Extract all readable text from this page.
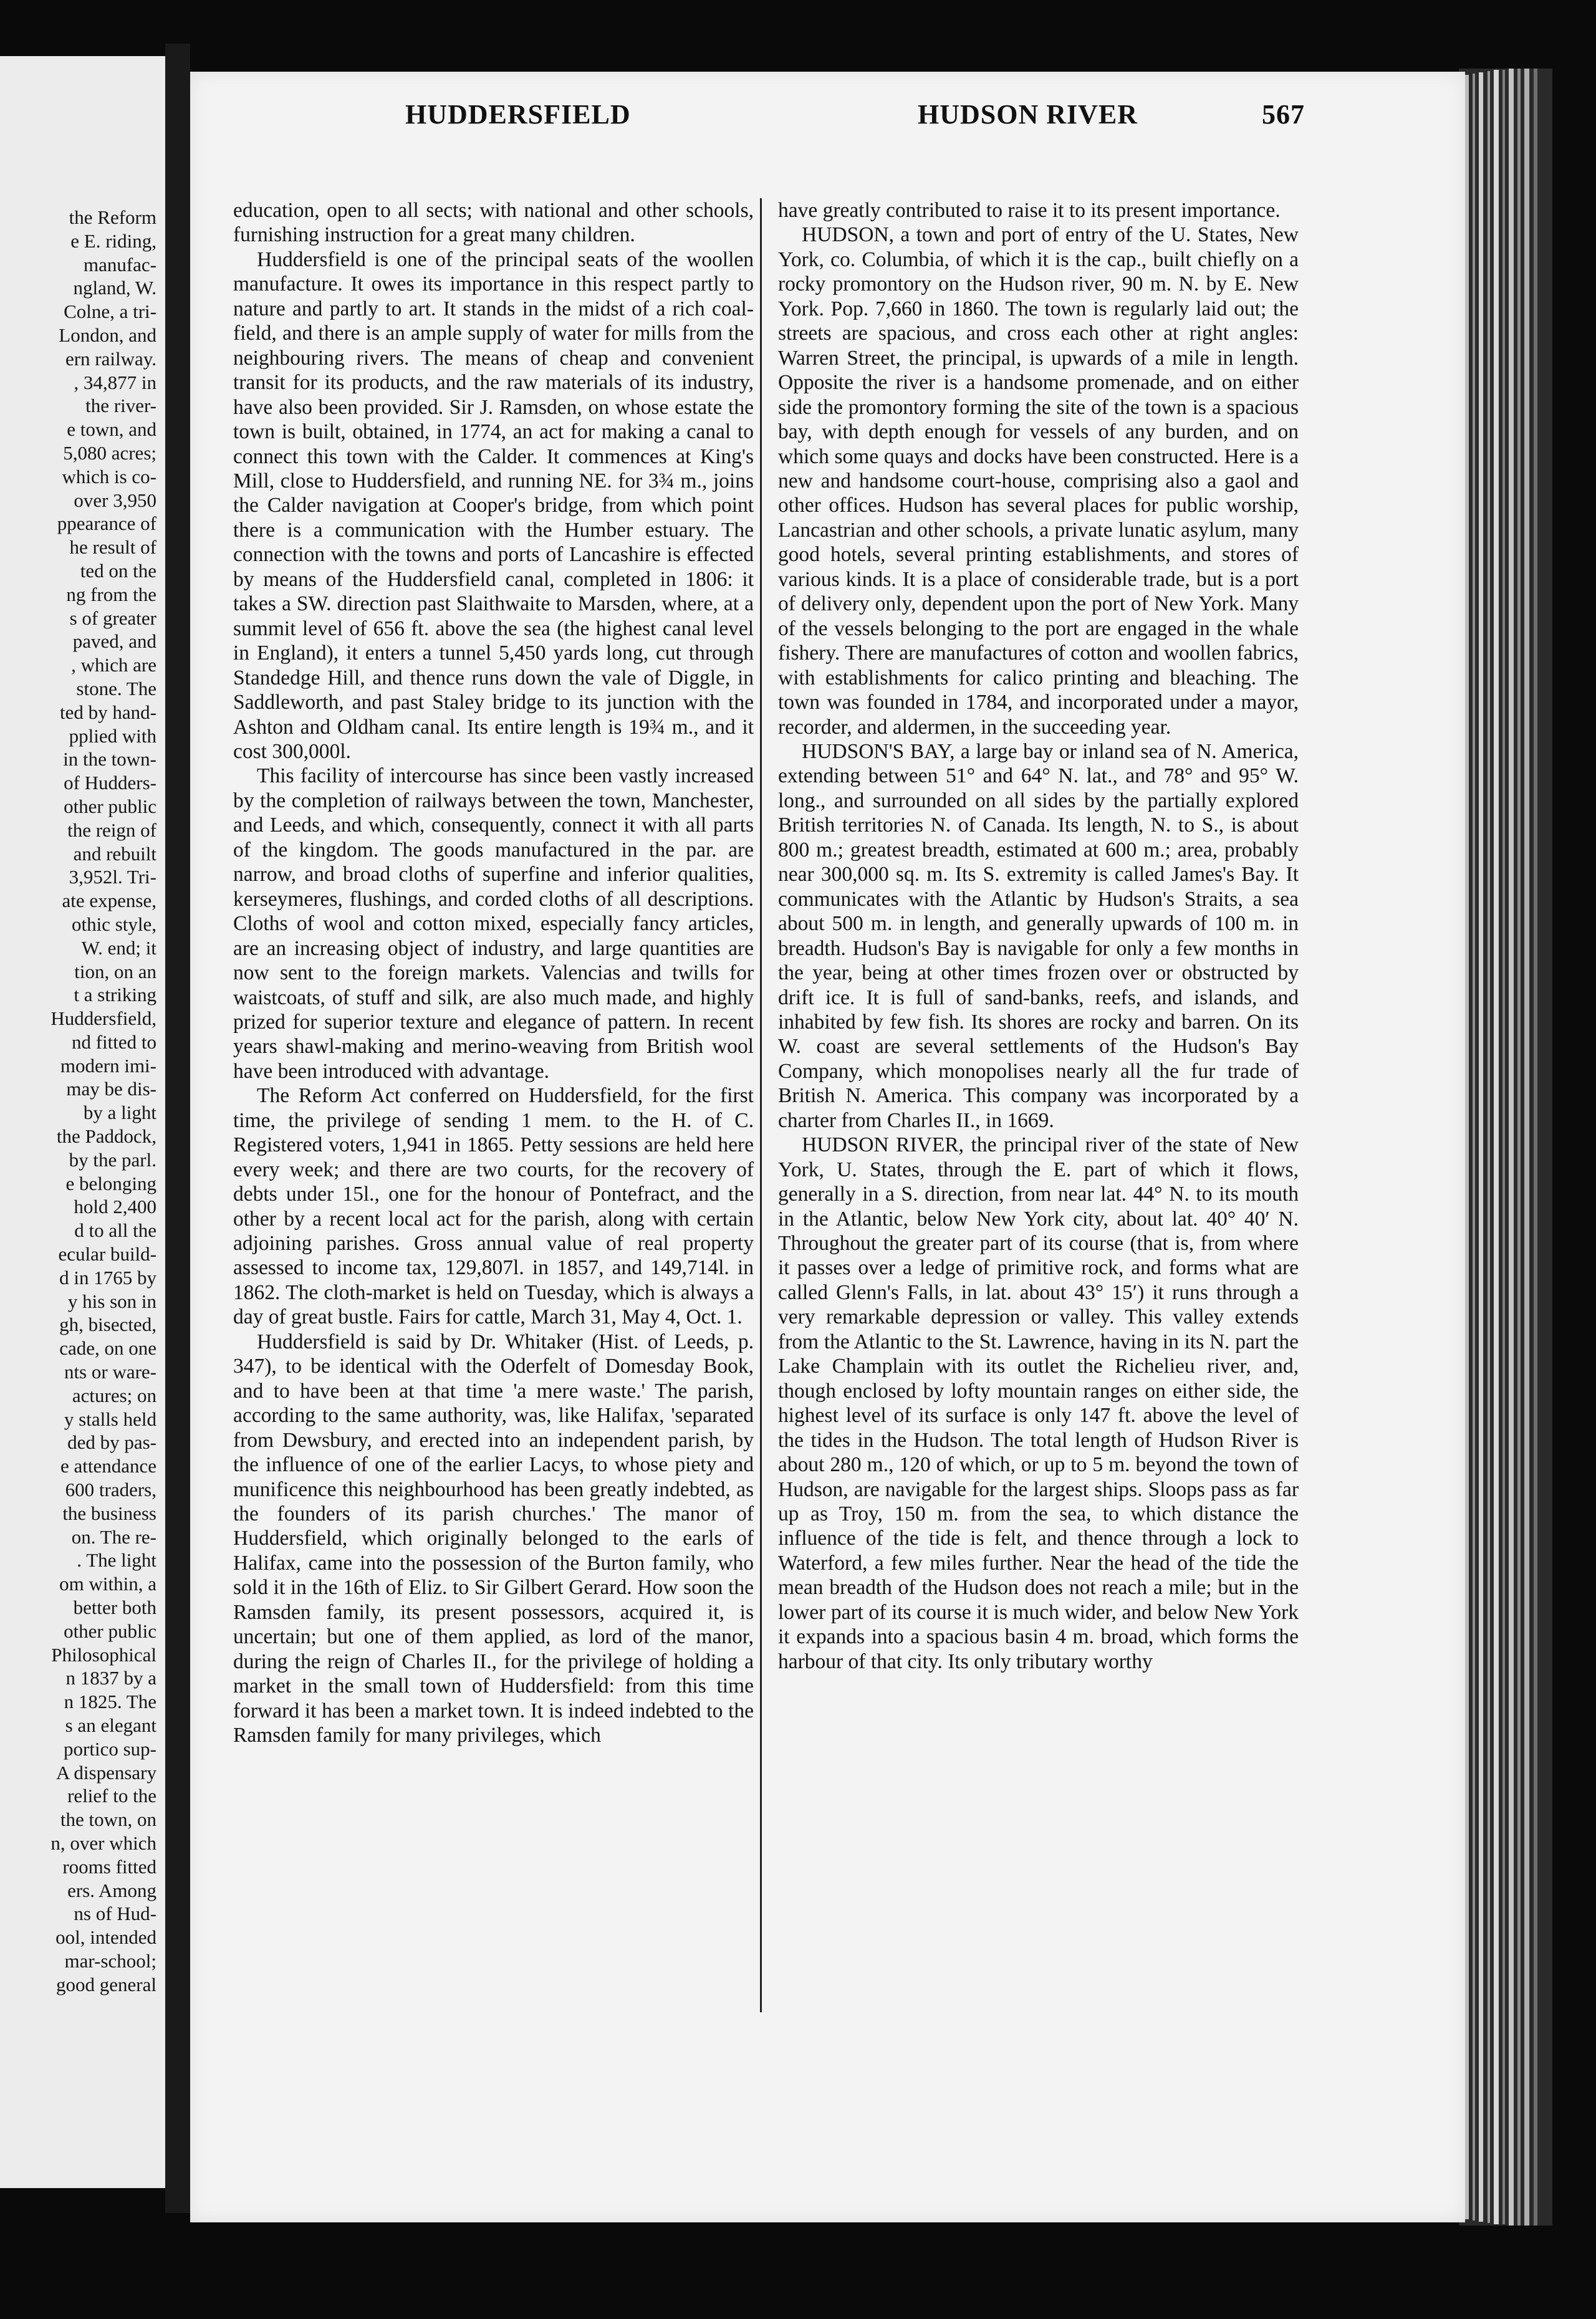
the Reform
e E. riding,
manufac-
ngland, W.
Colne, a tri-
London, and
ern railway.
, 34,877 in
the river-
e town, and
5,080 acres;
which is co-
over 3,950
ppearance of
he result of
ted on the
ng from the
s of greater
paved, and
, which are
stone. The
ted by hand-
pplied with
in the town-
of Hudders-
other public
the reign of
and rebuilt
3,952l. Tri-
ate expense,
othic style,
W. end; it
tion, on an
t a striking
Huddersfield,
nd fitted to
modern imi-
may be dis-
by a light
the Paddock,
by the parl.
e belonging
hold 2,400
d to all the
ecular build-
d in 1765 by
y his son in
gh, bisected,
cade, on one
nts or ware-
actures; on
y stalls held
ded by pas-
e attendance
600 traders,
the business
on. The re-
. The light
om within, a
better both
other public
Philosophical
n 1837 by a
n 1825. The
s an elegant
portico sup-
A dispensary
relief to the
the town, on
n, over which
rooms fitted
ers. Among
ns of Hud-
ool, intended
mar-school;
good general
HUDDERSFIELD	HUDSON RIVER	567

education, open to all sects; with national and other schools, furnishing instruction for a great many children.

Huddersfield is one of the principal seats of the woollen manufacture. It owes its importance in this respect partly to nature and partly to art. It stands in the midst of a rich coal-field, and there is an ample supply of water for mills from the neighbouring rivers. The means of cheap and convenient transit for its products, and the raw materials of its industry, have also been provided. Sir J. Ramsden, on whose estate the town is built, obtained, in 1774, an act for making a canal to connect this town with the Calder. It commences at King's Mill, close to Huddersfield, and running NE. for 3¾ m., joins the Calder navigation at Cooper's bridge, from which point there is a communication with the Humber estuary. The connection with the towns and ports of Lancashire is effected by means of the Huddersfield canal, completed in 1806: it takes a SW. direction past Slaithwaite to Marsden, where, at a summit level of 656 ft. above the sea (the highest canal level in England), it enters a tunnel 5,450 yards long, cut through Standedge Hill, and thence runs down the vale of Diggle, in Saddleworth, and past Staley bridge to its junction with the Ashton and Oldham canal. Its entire length is 19¾ m., and it cost 300,000l.

This facility of intercourse has since been vastly increased by the completion of railways between the town, Manchester, and Leeds, and which, consequently, connect it with all parts of the kingdom. The goods manufactured in the par. are narrow, and broad cloths of superfine and inferior qualities, kerseymeres, flushings, and corded cloths of all descriptions. Cloths of wool and cotton mixed, especially fancy articles, are an increasing object of industry, and large quantities are now sent to the foreign markets. Valencias and twills for waistcoats, of stuff and silk, are also much made, and highly prized for superior texture and elegance of pattern. In recent years shawl-making and merino-weaving from British wool have been introduced with advantage.

The Reform Act conferred on Huddersfield, for the first time, the privilege of sending 1 mem. to the H. of C. Registered voters, 1,941 in 1865. Petty sessions are held here every week; and there are two courts, for the recovery of debts under 15l., one for the honour of Pontefract, and the other by a recent local act for the parish, along with certain adjoining parishes. Gross annual value of real property assessed to income tax, 129,807l. in 1857, and 149,714l. in 1862. The cloth-market is held on Tuesday, which is always a day of great bustle. Fairs for cattle, March 31, May 4, Oct. 1.

Huddersfield is said by Dr. Whitaker (Hist. of Leeds, p. 347), to be identical with the Oderfelt of Domesday Book, and to have been at that time 'a mere waste.' The parish, according to the same authority, was, like Halifax, 'separated from Dewsbury, and erected into an independent parish, by the influence of one of the earlier Lacys, to whose piety and munificence this neighbourhood has been greatly indebted, as the founders of its parish churches.' The manor of Huddersfield, which originally belonged to the earls of Halifax, came into the possession of the Burton family, who sold it in the 16th of Eliz. to Sir Gilbert Gerard. How soon the Ramsden family, its present possessors, acquired it, is uncertain; but one of them applied, as lord of the manor, during the reign of Charles II., for the privilege of holding a market in the small town of Huddersfield: from this time forward it has been a market town. It is indeed indebted to the Ramsden family for many privileges, which

have greatly contributed to raise it to its present importance.

HUDSON, a town and port of entry of the U. States, New York, co. Columbia, of which it is the cap., built chiefly on a rocky promontory on the Hudson river, 90 m. N. by E. New York. Pop. 7,660 in 1860. The town is regularly laid out; the streets are spacious, and cross each other at right angles: Warren Street, the principal, is upwards of a mile in length. Opposite the river is a handsome promenade, and on either side the promontory forming the site of the town is a spacious bay, with depth enough for vessels of any burden, and on which some quays and docks have been constructed. Here is a new and handsome court-house, comprising also a gaol and other offices. Hudson has several places for public worship, Lancastrian and other schools, a private lunatic asylum, many good hotels, several printing establishments, and stores of various kinds. It is a place of considerable trade, but is a port of delivery only, dependent upon the port of New York. Many of the vessels belonging to the port are engaged in the whale fishery. There are manufactures of cotton and woollen fabrics, with establishments for calico printing and bleaching. The town was founded in 1784, and incorporated under a mayor, recorder, and aldermen, in the succeeding year.

HUDSON'S BAY, a large bay or inland sea of N. America, extending between 51° and 64° N. lat., and 78° and 95° W. long., and surrounded on all sides by the partially explored British territories N. of Canada. Its length, N. to S., is about 800 m.; greatest breadth, estimated at 600 m.; area, probably near 300,000 sq. m. Its S. extremity is called James's Bay. It communicates with the Atlantic by Hudson's Straits, a sea about 500 m. in length, and generally upwards of 100 m. in breadth. Hudson's Bay is navigable for only a few months in the year, being at other times frozen over or obstructed by drift ice. It is full of sand-banks, reefs, and islands, and inhabited by few fish. Its shores are rocky and barren. On its W. coast are several settlements of the Hudson's Bay Company, which monopolises nearly all the fur trade of British N. America. This company was incorporated by a charter from Charles II., in 1669.

HUDSON RIVER, the principal river of the state of New York, U. States, through the E. part of which it flows, generally in a S. direction, from near lat. 44° N. to its mouth in the Atlantic, below New York city, about lat. 40° 40′ N. Throughout the greater part of its course (that is, from where it passes over a ledge of primitive rock, and forms what are called Glenn's Falls, in lat. about 43° 15′) it runs through a very remarkable depression or valley. This valley extends from the Atlantic to the St. Lawrence, having in its N. part the Lake Champlain with its outlet the Richelieu river, and, though enclosed by lofty mountain ranges on either side, the highest level of its surface is only 147 ft. above the level of the tides in the Hudson. The total length of Hudson River is about 280 m., 120 of which, or up to 5 m. beyond the town of Hudson, are navigable for the largest ships. Sloops pass as far up as Troy, 150 m. from the sea, to which distance the influence of the tide is felt, and thence through a lock to Waterford, a few miles further. Near the head of the tide the mean breadth of the Hudson does not reach a mile; but in the lower part of its course it is much wider, and below New York it expands into a spacious basin 4 m. broad, which forms the harbour of that city. Its only tributary worthy
